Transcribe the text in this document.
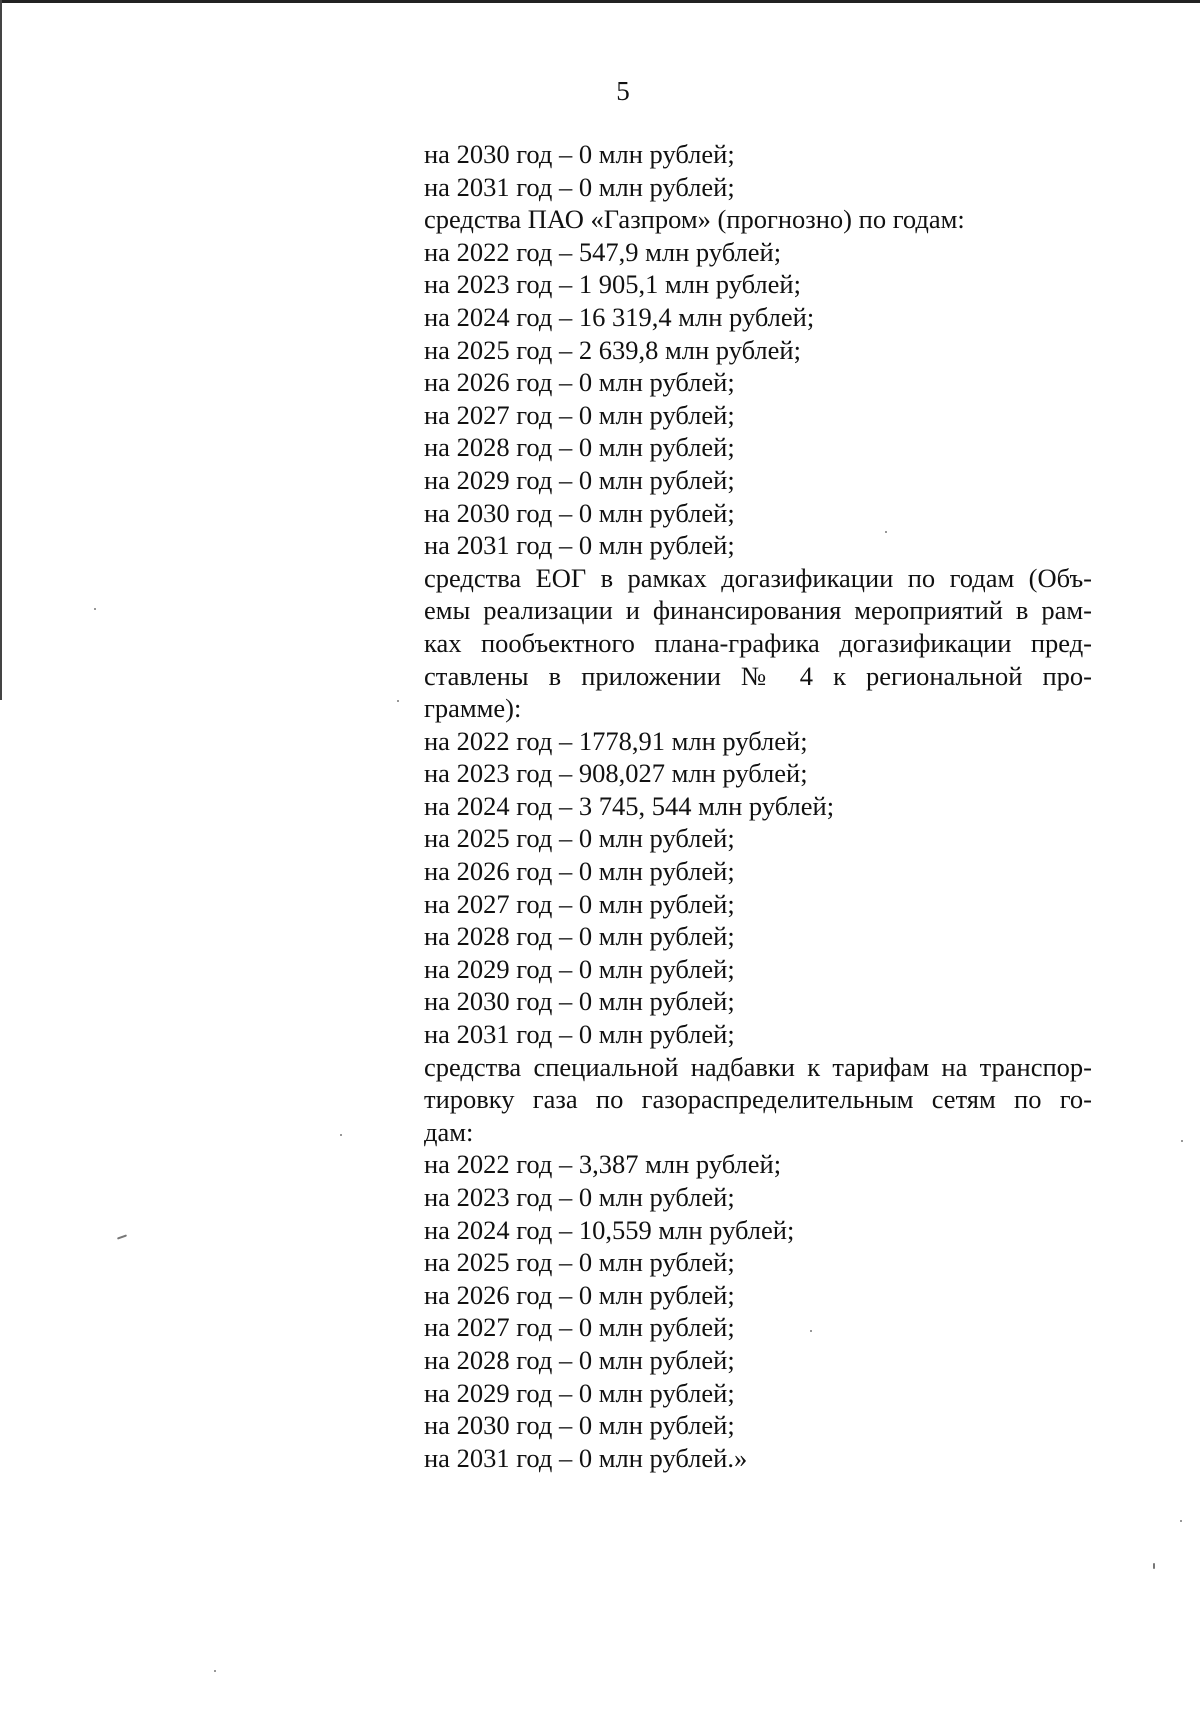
5
на 2030 год – 0 млн рублей;
на 2031 год – 0 млн рублей;
средства ПАО «Газпром» (прогнозно) по годам:
на 2022 год – 547,9 млн рублей;
на 2023 год – 1 905,1 млн рублей;
на 2024 год – 16 319,4 млн рублей;
на 2025 год – 2 639,8 млн рублей;
на 2026 год – 0 млн рублей;
на 2027 год – 0 млн рублей;
на 2028 год – 0 млн рублей;
на 2029 год – 0 млн рублей;
на 2030 год – 0 млн рублей;
на 2031 год – 0 млн рублей;
средства ЕОГ в рамках догазификации по годам (Объ-
емы реализации и финансирования мероприятий в рам-
ках пообъектного плана-графика догазификации пред-
ставлены в приложении № 4 к региональной про-
грамме):
на 2022 год – 1778,91 млн рублей;
на 2023 год – 908,027 млн рублей;
на 2024 год – 3 745, 544 млн рублей;
на 2025 год – 0 млн рублей;
на 2026 год – 0 млн рублей;
на 2027 год – 0 млн рублей;
на 2028 год – 0 млн рублей;
на 2029 год – 0 млн рублей;
на 2030 год – 0 млн рублей;
на 2031 год – 0 млн рублей;
средства специальной надбавки к тарифам на транспор-
тировку газа по газораспределительным сетям по го-
дам:
на 2022 год – 3,387 млн рублей;
на 2023 год – 0 млн рублей;
на 2024 год – 10,559 млн рублей;
на 2025 год – 0 млн рублей;
на 2026 год – 0 млн рублей;
на 2027 год – 0 млн рублей;
на 2028 год – 0 млн рублей;
на 2029 год – 0 млн рублей;
на 2030 год – 0 млн рублей;
на 2031 год – 0 млн рублей.»
